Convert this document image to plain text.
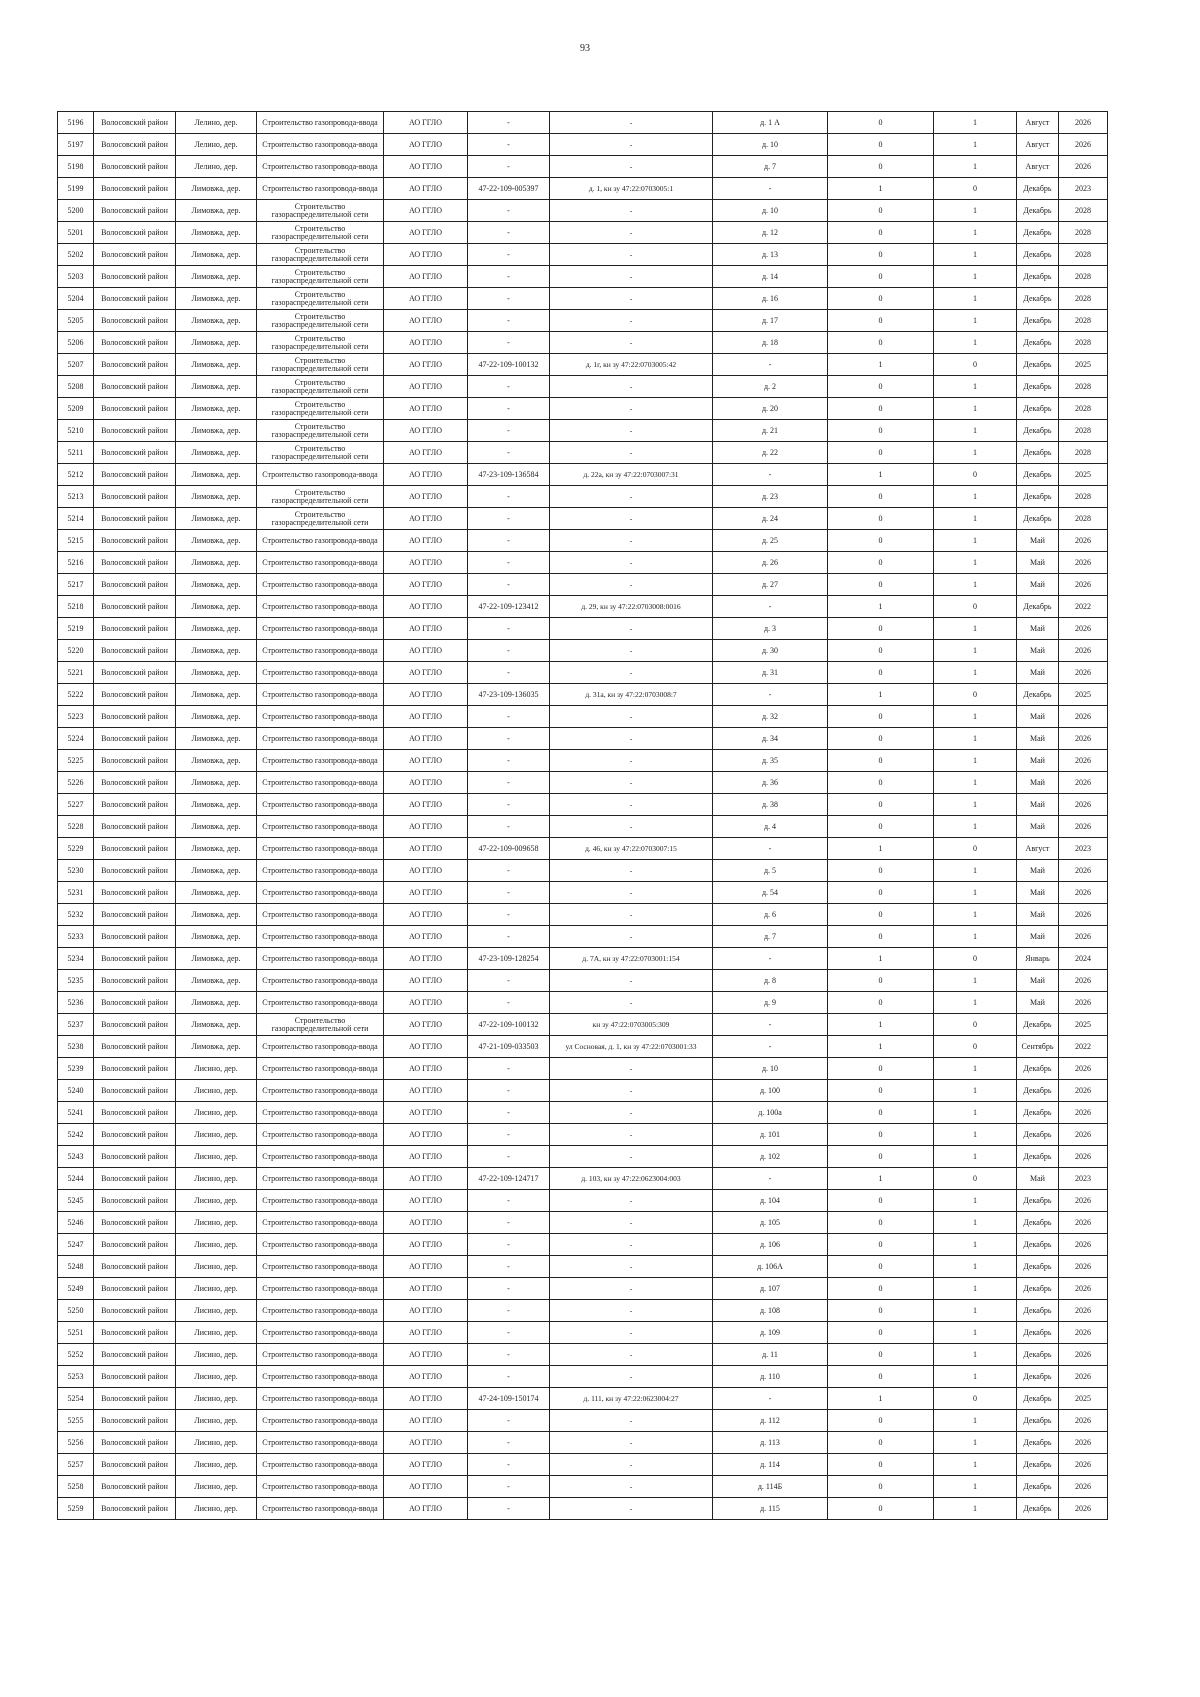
93
5196	Волосовский район	Лелино, дер.	Строительство газопровода-ввода	АО ГГЛО	-	-	д. 1 А	0	1	Август	2026
5197	Волосовский район	Лелино, дер.	Строительство газопровода-ввода	АО ГГЛО	-	-	д. 10	0	1	Август	2026
5198	Волосовский район	Лелино, дер.	Строительство газопровода-ввода	АО ГГЛО	-	-	д. 7	0	1	Август	2026
5199	Волосовский район	Лимовжа, дер.	Строительство газопровода-ввода	АО ГГЛО	47-22-109-005397	д. 1, кн зу 47:22:0703005:1	-	1	0	Декабрь	2023
5200	Волосовский район	Лимовжа, дер.	Строительство газораспределительной сети	АО ГГЛО	-	-	д. 10	0	1	Декабрь	2028
5201	Волосовский район	Лимовжа, дер.	Строительство газораспределительной сети	АО ГГЛО	-	-	д. 12	0	1	Декабрь	2028
5202	Волосовский район	Лимовжа, дер.	Строительство газораспределительной сети	АО ГГЛО	-	-	д. 13	0	1	Декабрь	2028
5203	Волосовский район	Лимовжа, дер.	Строительство газораспределительной сети	АО ГГЛО	-	-	д. 14	0	1	Декабрь	2028
5204	Волосовский район	Лимовжа, дер.	Строительство газораспределительной сети	АО ГГЛО	-	-	д. 16	0	1	Декабрь	2028
5205	Волосовский район	Лимовжа, дер.	Строительство газораспределительной сети	АО ГГЛО	-	-	д. 17	0	1	Декабрь	2028
5206	Волосовский район	Лимовжа, дер.	Строительство газораспределительной сети	АО ГГЛО	-	-	д. 18	0	1	Декабрь	2028
5207	Волосовский район	Лимовжа, дер.	Строительство газораспределительной сети	АО ГГЛО	47-22-109-100132	д. 1г, кн зу 47:22:0703005:42	-	1	0	Декабрь	2025
5208	Волосовский район	Лимовжа, дер.	Строительство газораспределительной сети	АО ГГЛО	-	-	д. 2	0	1	Декабрь	2028
5209	Волосовский район	Лимовжа, дер.	Строительство газораспределительной сети	АО ГГЛО	-	-	д. 20	0	1	Декабрь	2028
5210	Волосовский район	Лимовжа, дер.	Строительство газораспределительной сети	АО ГГЛО	-	-	д. 21	0	1	Декабрь	2028
5211	Волосовский район	Лимовжа, дер.	Строительство газораспределительной сети	АО ГГЛО	-	-	д. 22	0	1	Декабрь	2028
5212	Волосовский район	Лимовжа, дер.	Строительство газопровода-ввода	АО ГГЛО	47-23-109-136584	д. 22а, кн зу 47:22:0703007:31	-	1	0	Декабрь	2025
5213	Волосовский район	Лимовжа, дер.	Строительство газораспределительной сети	АО ГГЛО	-	-	д. 23	0	1	Декабрь	2028
5214	Волосовский район	Лимовжа, дер.	Строительство газораспределительной сети	АО ГГЛО	-	-	д. 24	0	1	Декабрь	2028
5215	Волосовский район	Лимовжа, дер.	Строительство газопровода-ввода	АО ГГЛО	-	-	д. 25	0	1	Май	2026
5216	Волосовский район	Лимовжа, дер.	Строительство газопровода-ввода	АО ГГЛО	-	-	д. 26	0	1	Май	2026
5217	Волосовский район	Лимовжа, дер.	Строительство газопровода-ввода	АО ГГЛО	-	-	д. 27	0	1	Май	2026
5218	Волосовский район	Лимовжа, дер.	Строительство газопровода-ввода	АО ГГЛО	47-22-109-123412	д. 29, кн зу 47:22:0703008:0016	-	1	0	Декабрь	2022
5219	Волосовский район	Лимовжа, дер.	Строительство газопровода-ввода	АО ГГЛО	-	-	д. 3	0	1	Май	2026
5220	Волосовский район	Лимовжа, дер.	Строительство газопровода-ввода	АО ГГЛО	-	-	д. 30	0	1	Май	2026
5221	Волосовский район	Лимовжа, дер.	Строительство газопровода-ввода	АО ГГЛО	-	-	д. 31	0	1	Май	2026
5222	Волосовский район	Лимовжа, дер.	Строительство газопровода-ввода	АО ГГЛО	47-23-109-136035	д. 31а, кн зу 47:22:0703008:7	-	1	0	Декабрь	2025
5223	Волосовский район	Лимовжа, дер.	Строительство газопровода-ввода	АО ГГЛО	-	-	д. 32	0	1	Май	2026
5224	Волосовский район	Лимовжа, дер.	Строительство газопровода-ввода	АО ГГЛО	-	-	д. 34	0	1	Май	2026
5225	Волосовский район	Лимовжа, дер.	Строительство газопровода-ввода	АО ГГЛО	-	-	д. 35	0	1	Май	2026
5226	Волосовский район	Лимовжа, дер.	Строительство газопровода-ввода	АО ГГЛО	-	-	д. 36	0	1	Май	2026
5227	Волосовский район	Лимовжа, дер.	Строительство газопровода-ввода	АО ГГЛО	-	-	д. 38	0	1	Май	2026
5228	Волосовский район	Лимовжа, дер.	Строительство газопровода-ввода	АО ГГЛО	-	-	д. 4	0	1	Май	2026
5229	Волосовский район	Лимовжа, дер.	Строительство газопровода-ввода	АО ГГЛО	47-22-109-009658	д. 46, кн зу 47:22:0703007:15	-	1	0	Август	2023
5230	Волосовский район	Лимовжа, дер.	Строительство газопровода-ввода	АО ГГЛО	-	-	д. 5	0	1	Май	2026
5231	Волосовский район	Лимовжа, дер.	Строительство газопровода-ввода	АО ГГЛО	-	-	д. 54	0	1	Май	2026
5232	Волосовский район	Лимовжа, дер.	Строительство газопровода-ввода	АО ГГЛО	-	-	д. 6	0	1	Май	2026
5233	Волосовский район	Лимовжа, дер.	Строительство газопровода-ввода	АО ГГЛО	-	-	д. 7	0	1	Май	2026
5234	Волосовский район	Лимовжа, дер.	Строительство газопровода-ввода	АО ГГЛО	47-23-109-128254	д. 7А, кн зу 47:22:0703001:154	-	1	0	Январь	2024
5235	Волосовский район	Лимовжа, дер.	Строительство газопровода-ввода	АО ГГЛО	-	-	д. 8	0	1	Май	2026
5236	Волосовский район	Лимовжа, дер.	Строительство газопровода-ввода	АО ГГЛО	-	-	д. 9	0	1	Май	2026
5237	Волосовский район	Лимовжа, дер.	Строительство газораспределительной сети	АО ГГЛО	47-22-109-100132	кн зу 47:22:0703005:309	-	1	0	Декабрь	2025
5238	Волосовский район	Лимовжа, дер.	Строительство газопровода-ввода	АО ГГЛО	47-21-109-033503	ул Сосновая, д. 1, кн зу 47:22:0703001:33	-	1	0	Сентябрь	2022
5239	Волосовский район	Лисино, дер.	Строительство газопровода-ввода	АО ГГЛО	-	-	д. 10	0	1	Декабрь	2026
5240	Волосовский район	Лисино, дер.	Строительство газопровода-ввода	АО ГГЛО	-	-	д. 100	0	1	Декабрь	2026
5241	Волосовский район	Лисино, дер.	Строительство газопровода-ввода	АО ГГЛО	-	-	д. 100а	0	1	Декабрь	2026
5242	Волосовский район	Лисино, дер.	Строительство газопровода-ввода	АО ГГЛО	-	-	д. 101	0	1	Декабрь	2026
5243	Волосовский район	Лисино, дер.	Строительство газопровода-ввода	АО ГГЛО	-	-	д. 102	0	1	Декабрь	2026
5244	Волосовский район	Лисино, дер.	Строительство газопровода-ввода	АО ГГЛО	47-22-109-124717	д. 103, кн зу 47:22:0623004:003	-	1	0	Май	2023
5245	Волосовский район	Лисино, дер.	Строительство газопровода-ввода	АО ГГЛО	-	-	д. 104	0	1	Декабрь	2026
5246	Волосовский район	Лисино, дер.	Строительство газопровода-ввода	АО ГГЛО	-	-	д. 105	0	1	Декабрь	2026
5247	Волосовский район	Лисино, дер.	Строительство газопровода-ввода	АО ГГЛО	-	-	д. 106	0	1	Декабрь	2026
5248	Волосовский район	Лисино, дер.	Строительство газопровода-ввода	АО ГГЛО	-	-	д. 106А	0	1	Декабрь	2026
5249	Волосовский район	Лисино, дер.	Строительство газопровода-ввода	АО ГГЛО	-	-	д. 107	0	1	Декабрь	2026
5250	Волосовский район	Лисино, дер.	Строительство газопровода-ввода	АО ГГЛО	-	-	д. 108	0	1	Декабрь	2026
5251	Волосовский район	Лисино, дер.	Строительство газопровода-ввода	АО ГГЛО	-	-	д. 109	0	1	Декабрь	2026
5252	Волосовский район	Лисино, дер.	Строительство газопровода-ввода	АО ГГЛО	-	-	д. 11	0	1	Декабрь	2026
5253	Волосовский район	Лисино, дер.	Строительство газопровода-ввода	АО ГГЛО	-	-	д. 110	0	1	Декабрь	2026
5254	Волосовский район	Лисино, дер.	Строительство газопровода-ввода	АО ГГЛО	47-24-109-150174	д. 111, кн зу 47:22:0623004:27	-	1	0	Декабрь	2025
5255	Волосовский район	Лисино, дер.	Строительство газопровода-ввода	АО ГГЛО	-	-	д. 112	0	1	Декабрь	2026
5256	Волосовский район	Лисино, дер.	Строительство газопровода-ввода	АО ГГЛО	-	-	д. 113	0	1	Декабрь	2026
5257	Волосовский район	Лисино, дер.	Строительство газопровода-ввода	АО ГГЛО	-	-	д. 114	0	1	Декабрь	2026
5258	Волосовский район	Лисино, дер.	Строительство газопровода-ввода	АО ГГЛО	-	-	д. 114Б	0	1	Декабрь	2026
5259	Волосовский район	Лисино, дер.	Строительство газопровода-ввода	АО ГГЛО	-	-	д. 115	0	1	Декабрь	2026
